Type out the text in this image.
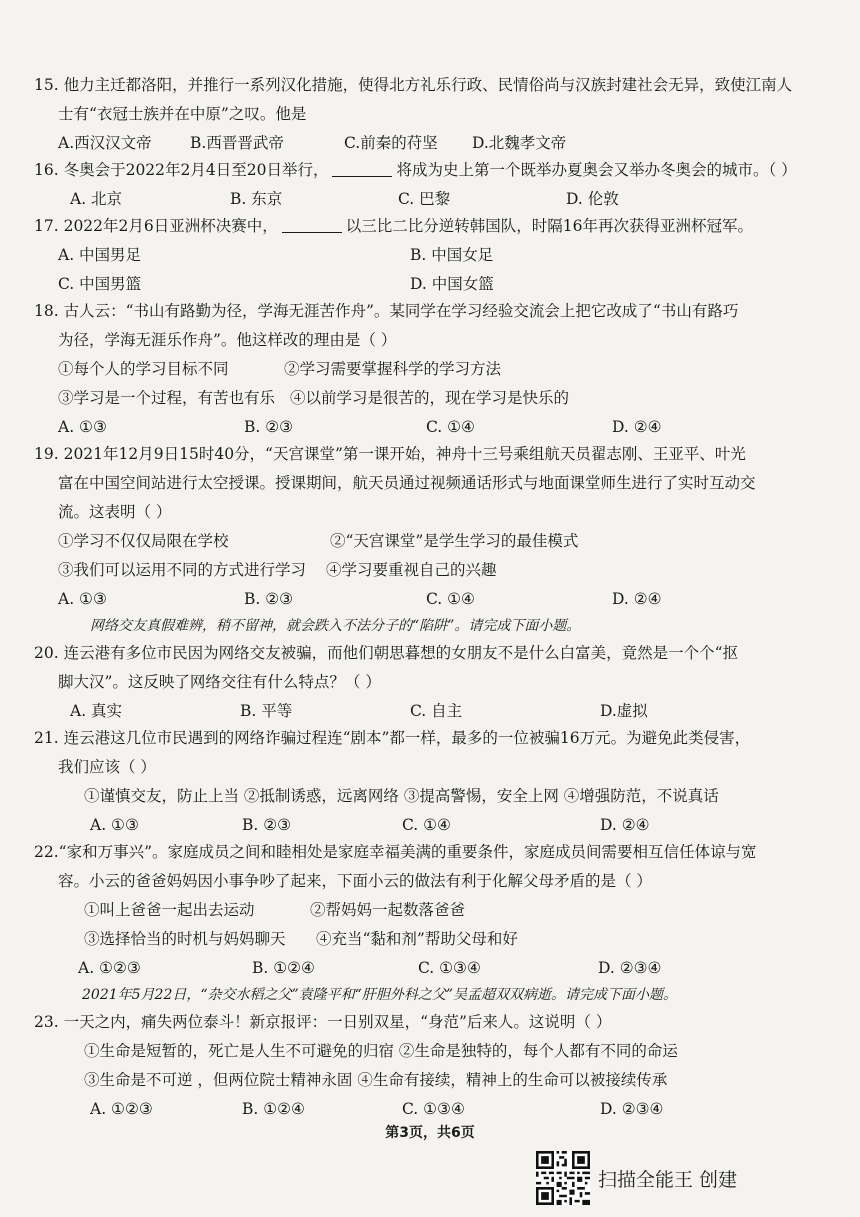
15. 他力主迁都洛阳，并推行一系列汉化措施，使得北方礼乐行政、民情俗尚与汉族封建社会无异，致使江南人
士有“衣冠士族并在中原”之叹。他是
A.西汉汉文帝 B.西晋晋武帝	C.前秦的苻坚 D.北魏孝文帝
16. 冬奥会于2022年2月4日至20日举行，	将成为史上第一个既举办夏奥会又举办冬奥会的城市。（ ）
A. 北京	B. 东京	C. 巴黎	D. 伦敦
17. 2022年2月6日亚洲杯决赛中，	以三比二比分逆转韩国队，时隔16年再次获得亚洲杯冠军。
A. 中国男足	B. 中国女足
C. 中国男篮	D. 中国女篮
18. 古人云：“书山有路勤为径，学海无涯苦作舟”。某同学在学习经验交流会上把它改成了“书山有路巧
为径，学海无涯乐作舟”。他这样改的理由是（ ）
①每个人的学习目标不同	②学习需要掌握科学的学习方法
③学习是一个过程，有苦也有乐 ④以前学习是很苦的，现在学习是快乐的
A. ①③	B. ②③	C. ①④	D. ②④
19. 2021年12月9日15时40分，“天宫课堂”第一课开始，神舟十三号乘组航天员翟志刚、王亚平、叶光
富在中国空间站进行太空授课。授课期间，航天员通过视频通话形式与地面课堂师生进行了实时互动交
流。这表明（ ）
①学习不仅仅局限在学校	②“天宫课堂”是学生学习的最佳模式
③我们可以运用不同的方式进行学习 ④学习要重视自己的兴趣
A. ①③	B. ②③	C. ①④	D. ②④
网络交友真假难辨，稍不留神，就会跌入不法分子的“陷阱”。请完成下面小题。
20. 连云港有多位市民因为网络交友被骗，而他们朝思暮想的女朋友不是什么白富美，竟然是一个个“抠
脚大汉”。这反映了网络交往有什么特点？（ ）
A. 真实	B. 平等	C. 自主	D.虚拟
21. 连云港这几位市民遇到的网络诈骗过程连“剧本”都一样，最多的一位被骗16万元。为避免此类侵害，
我们应该（ ）
①谨慎交友，防止上当 ②抵制诱惑，远离网络 ③提高警惕，安全上网 ④增强防范，不说真话
A. ①③	B. ②③	C. ①④	D. ②④
22.“家和万事兴”。家庭成员之间和睦相处是家庭幸福美满的重要条件，家庭成员间需要相互信任体谅与宽
容。小云的爸爸妈妈因小事争吵了起来，下面小云的做法有利于化解父母矛盾的是（ ）
①叫上爸爸一起出去运动	②帮妈妈一起数落爸爸
③选择恰当的时机与妈妈聊天 ④充当“黏和剂”帮助父母和好
A. ①②③	B. ①②④	C. ①③④	D. ②③④
2021年5月22日，“杂交水稻之父”袁隆平和“肝胆外科之父”吴孟超双双病逝。请完成下面小题。
23. 一天之内，痛失两位泰斗！新京报评：一日别双星，“身范”后来人。这说明（ ）
①生命是短暂的，死亡是人生不可避免的归宿 ②生命是独特的，每个人都有不同的命运
③生命是不可逆 ，但两位院士精神永固 ④生命有接续，精神上的生命可以被接续传承
A. ①②③	B. ①②④	C. ①③④	D. ②③④
第3页，共6页
扫描全能王 创建
